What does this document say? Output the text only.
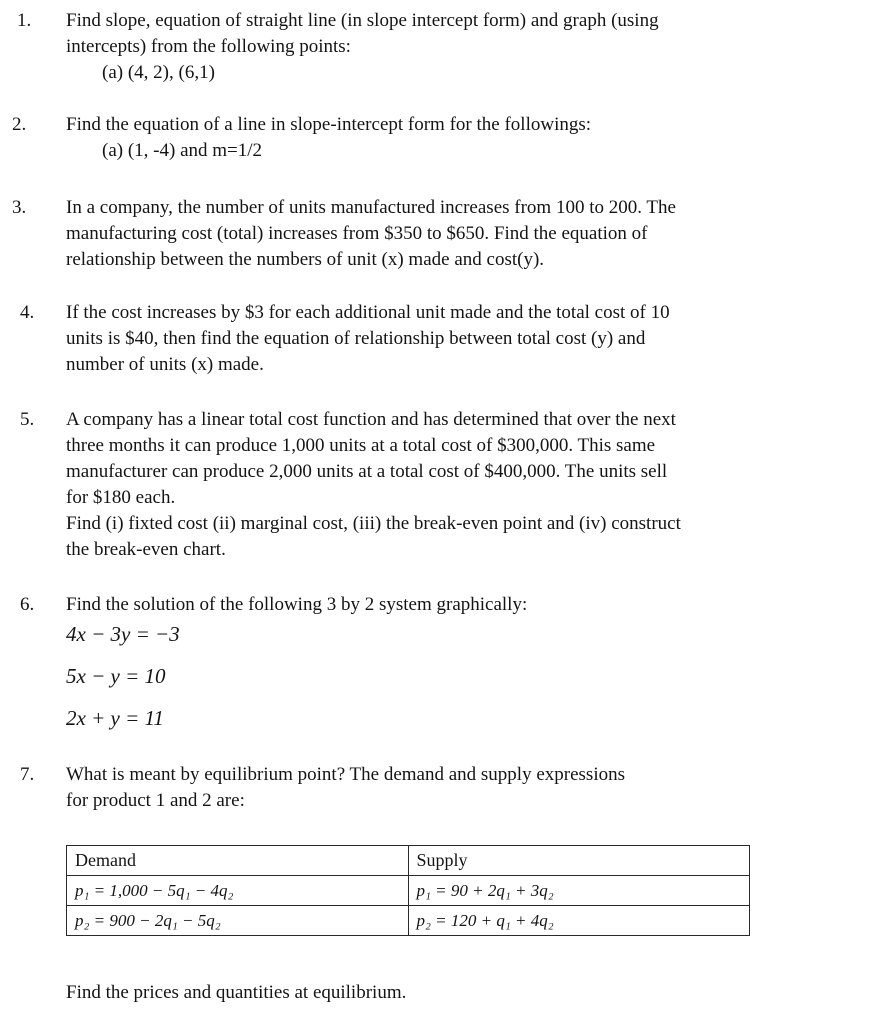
1. Find slope, equation of straight line (in slope intercept form) and graph (using
intercepts) from the following points:
(a) (4, 2), (6,1)
2. Find the equation of a line in slope-intercept form for the followings:
(a) (1, -4) and m=1/2
3. In a company, the number of units manufactured increases from 100 to 200. The
manufacturing cost (total) increases from $350 to $650. Find the equation of
relationship between the numbers of unit (x) made and cost(y).
4. If the cost increases by $3 for each additional unit made and the total cost of 10
units is $40, then find the equation of relationship between total cost (y) and
number of units (x) made.
5. A company has a linear total cost function and has determined that over the next
three months it can produce 1,000 units at a total cost of $300,000. This same
manufacturer can produce 2,000 units at a total cost of $400,000. The units sell
for $180 each.
Find (i) fixted cost (ii) marginal cost, (iii) the break-even point and (iv) construct
the break-even chart.
6. Find the solution of the following 3 by 2 system graphically:
4x − 3y = −3
5x − y = 10
2x + y = 11
7. What is meant by equilibrium point? The demand and supply expressions
for product 1 and 2 are:
Demand	Supply
p₁ = 1,000 − 5q₁ − 4q₂	p₁ = 90 + 2q₁ + 3q₂
p₂ = 900 − 2q₁ − 5q₂	p₂ = 120 + q₁ + 4q₂
Find the prices and quantities at equilibrium.
